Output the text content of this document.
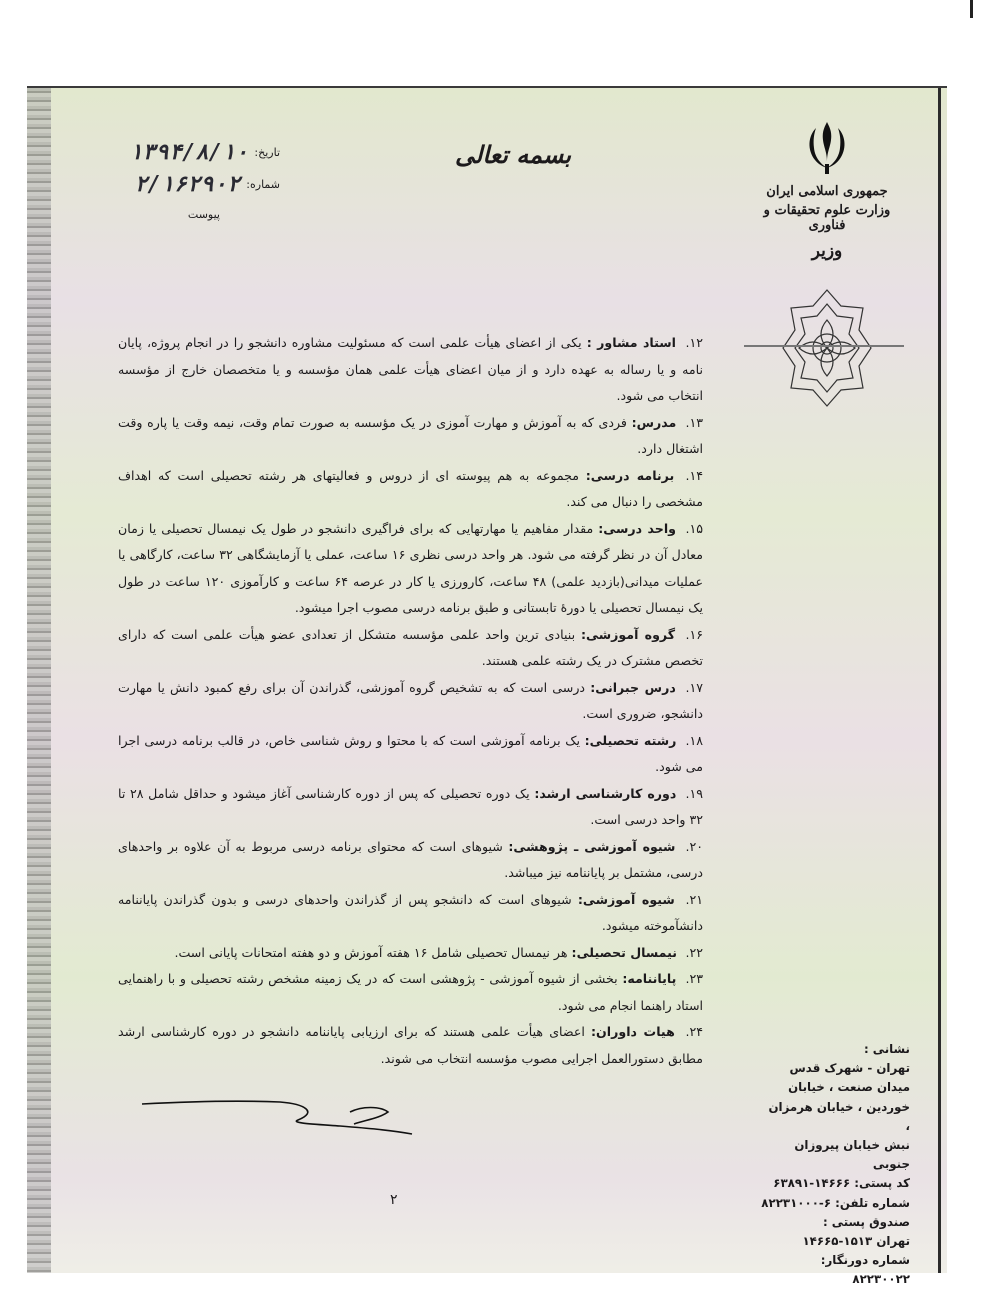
جمهوری اسلامی ایران
وزارت علوم تحقیقات و فناوری
وزیر
بسمه تعالی
تاریخ:
۱۳۹۴/۸/۱۰
شماره:
۲/۱۶۲۹۰۲
پیوست

۱۲. استاد مشاور : یکی از اعضای هیأت علمی است که مسئولیت مشاوره دانشجو را در انجام پروژه، پایان نامه و یا رساله به عهده دارد و از میان اعضای هیأت علمی همان مؤسسه و یا متخصصان خارج از مؤسسه انتخاب می شود.

۱۳. مدرس: فردی که به آموزش و مهارت آموزی در یک مؤسسه به صورت تمام وقت، نیمه وقت یا پاره وقت اشتغال دارد.

۱۴. برنامه درسی: مجموعه به هم پیوسته ای از دروس و فعالیتهای هر رشته تحصیلی است که اهداف مشخصی را دنبال می کند.

۱۵. واحد درسی: مقدار مفاهیم یا مهارتهایی که برای فراگیری دانشجو در طول یک نیمسال تحصیلی یا زمان معادل آن در نظر گرفته می شود. هر واحد درسی نظری ۱۶ ساعت، عملی یا آزمایشگاهی ۳۲ ساعت، کارگاهی یا عملیات میدانی(بازدید علمی) ۴۸ ساعت، کارورزی یا کار در عرصه ۶۴ ساعت و کارآموزی ۱۲۰ ساعت در طول یک نیمسال تحصیلی یا دورهٔ تابستانی و طبق برنامه درسی مصوب اجرا میشود.

۱۶. گروه آموزشی: بنیادی ترین واحد علمی مؤسسه متشکل از تعدادی عضو هیأت علمی است که دارای تخصص مشترک در یک رشته علمی هستند.

۱۷. درس جبرانی: درسی است که به تشخیص گروه آموزشی، گذراندن آن برای رفع کمبود دانش یا مهارت دانشجو، ضروری است.

۱۸. رشته تحصیلی: یک برنامه آموزشی است که با محتوا و روش شناسی خاص، در قالب برنامه درسی اجرا می شود.

۱۹. دوره کارشناسی ارشد: یک دوره تحصیلی که پس از دوره کارشناسی آغاز میشود و حداقل شامل ۲۸ تا ۳۲ واحد درسی است.

۲۰. شیوه آموزشی ـ پژوهشی: شیوهای است که محتوای برنامه درسی مربوط به آن علاوه بر واحدهای درسی، مشتمل بر پایاننامه نیز میباشد.

۲۱. شیوه آموزشی: شیوهای است که دانشجو پس از گذراندن واحدهای درسی و بدون گذراندن پایاننامه دانشآموخته میشود.

۲۲. نیمسال تحصیلی: هر نیمسال تحصیلی شامل ۱۶ هفته آموزش و دو هفته امتحانات پایانی است.

۲۳. پایاننامه: بخشی از شیوه آموزشی - پژوهشی است که در یک زمینه مشخص رشته تحصیلی و با راهنمایی استاد راهنما انجام می شود.

۲۴. هیات داوران: اعضای هیأت علمی هستند که برای ارزیابی پایاننامه دانشجو در دوره کارشناسی ارشد مطابق دستورالعمل اجرایی مصوب مؤسسه انتخاب می شوند.

نشانی :
تهران - شهرک قدس
میدان صنعت ، خیابان
خوردین ، خیابان هرمزان ،
نبش خیابان پیروزان جنوبی
کد پستی: ۱۴۶۶۶-۶۳۸۹۱
شماره تلفن: ۶-۸۲۲۳۱۰۰۰
صندوق پستی :
تهران ۱۵۱۳-۱۴۶۶۵
شماره دورنگار: ۸۲۲۳۰۰۲۲
۲
